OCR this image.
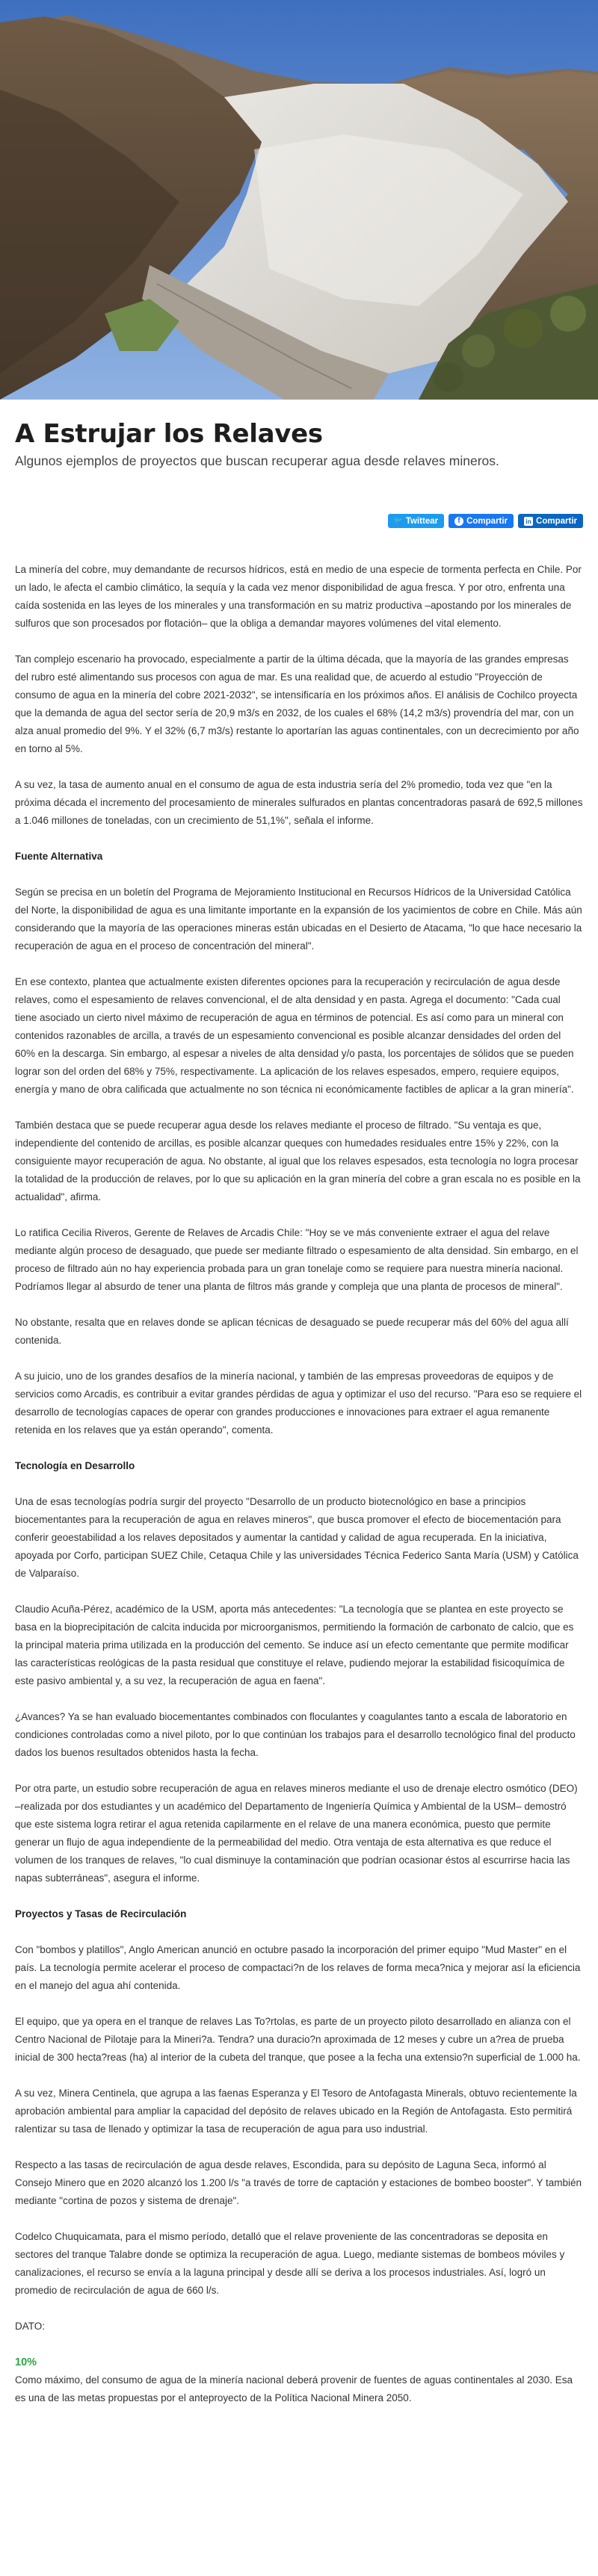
A Estrujar los Relaves
Algunos ejemplos de proyectos que buscan recuperar agua desde relaves mineros.
🐦 Twittear	f Compartir	in Compartir

La minería del cobre, muy demandante de recursos hídricos, está en medio de una especie de tormenta perfecta en Chile. Por un lado, le afecta el cambio climático, la sequía y la cada vez menor disponibilidad de agua fresca. Y por otro, enfrenta una caída sostenida en las leyes de los minerales y una transformación en su matriz productiva –apostando por los minerales de sulfuros que son procesados por flotación– que la obliga a demandar mayores volúmenes del vital elemento.

Tan complejo escenario ha provocado, especialmente a partir de la última década, que la mayoría de las grandes empresas del rubro esté alimentando sus procesos con agua de mar. Es una realidad que, de acuerdo al estudio "Proyección de consumo de agua en la minería del cobre 2021-2032", se intensificaría en los próximos años. El análisis de Cochilco proyecta que la demanda de agua del sector sería de 20,9 m3/s en 2032, de los cuales el 68% (14,2 m3/s) provendría del mar, con un alza anual promedio del 9%. Y el 32% (6,7 m3/s) restante lo aportarían las aguas continentales, con un decrecimiento por año en torno al 5%.

A su vez, la tasa de aumento anual en el consumo de agua de esta industria sería del 2% promedio, toda vez que "en la próxima década el incremento del procesamiento de minerales sulfurados en plantas concentradoras pasará de 692,5 millones a 1.046 millones de toneladas, con un crecimiento de 51,1%", señala el informe.

Fuente Alternativa

Según se precisa en un boletín del Programa de Mejoramiento Institucional en Recursos Hídricos de la Universidad Católica del Norte, la disponibilidad de agua es una limitante importante en la expansión de los yacimientos de cobre en Chile. Más aún considerando que la mayoría de las operaciones mineras están ubicadas en el Desierto de Atacama, "lo que hace necesario la recuperación de agua en el proceso de concentración del mineral".

En ese contexto, plantea que actualmente existen diferentes opciones para la recuperación y recirculación de agua desde relaves, como el espesamiento de relaves convencional, el de alta densidad y en pasta. Agrega el documento: "Cada cual tiene asociado un cierto nivel máximo de recuperación de agua en términos de potencial. Es así como para un mineral con contenidos razonables de arcilla, a través de un espesamiento convencional es posible alcanzar densidades del orden del 60% en la descarga. Sin embargo, al espesar a niveles de alta densidad y/o pasta, los porcentajes de sólidos que se pueden lograr son del orden del 68% y 75%, respectivamente. La aplicación de los relaves espesados, empero, requiere equipos, energía y mano de obra calificada que actualmente no son técnica ni económicamente factibles de aplicar a la gran minería".

También destaca que se puede recuperar agua desde los relaves mediante el proceso de filtrado. "Su ventaja es que, independiente del contenido de arcillas, es posible alcanzar queques con humedades residuales entre 15% y 22%, con la consiguiente mayor recuperación de agua. No obstante, al igual que los relaves espesados, esta tecnología no logra procesar la totalidad de la producción de relaves, por lo que su aplicación en la gran minería del cobre a gran escala no es posible en la actualidad", afirma.

Lo ratifica Cecilia Riveros, Gerente de Relaves de Arcadis Chile: "Hoy se ve más conveniente extraer el agua del relave mediante algún proceso de desaguado, que puede ser mediante filtrado o espesamiento de alta densidad. Sin embargo, en el proceso de filtrado aún no hay experiencia probada para un gran tonelaje como se requiere para nuestra minería nacional. Podríamos llegar al absurdo de tener una planta de filtros más grande y compleja que una planta de procesos de mineral".

No obstante, resalta que en relaves donde se aplican técnicas de desaguado se puede recuperar más del 60% del agua allí contenida.

A su juicio, uno de los grandes desafíos de la minería nacional, y también de las empresas proveedoras de equipos y de servicios como Arcadis, es contribuir a evitar grandes pérdidas de agua y optimizar el uso del recurso. "Para eso se requiere el desarrollo de tecnologías capaces de operar con grandes producciones e innovaciones para extraer el agua remanente retenida en los relaves que ya están operando", comenta.

Tecnología en Desarrollo

Una de esas tecnologías podría surgir del proyecto "Desarrollo de un producto biotecnológico en base a principios biocementantes para la recuperación de agua en relaves mineros", que busca promover el efecto de biocementación para conferir geoestabilidad a los relaves depositados y aumentar la cantidad y calidad de agua recuperada. En la iniciativa, apoyada por Corfo, participan SUEZ Chile, Cetaqua Chile y las universidades Técnica Federico Santa María (USM) y Católica de Valparaíso.

Claudio Acuña-Pérez, académico de la USM, aporta más antecedentes: "La tecnología que se plantea en este proyecto se basa en la bioprecipitación de calcita inducida por microorganismos, permitiendo la formación de carbonato de calcio, que es la principal materia prima utilizada en la producción del cemento. Se induce así un efecto cementante que permite modificar las características reológicas de la pasta residual que constituye el relave, pudiendo mejorar la estabilidad fisicoquímica de este pasivo ambiental y, a su vez, la recuperación de agua en faena".

¿Avances? Ya se han evaluado biocementantes combinados con floculantes y coagulantes tanto a escala de laboratorio en condiciones controladas como a nivel piloto, por lo que continúan los trabajos para el desarrollo tecnológico final del producto dados los buenos resultados obtenidos hasta la fecha.

Por otra parte, un estudio sobre recuperación de agua en relaves mineros mediante el uso de drenaje electro osmótico (DEO) –realizada por dos estudiantes y un académico del Departamento de Ingeniería Química y Ambiental de la USM– demostró que este sistema logra retirar el agua retenida capilarmente en el relave de una manera económica, puesto que permite generar un flujo de agua independiente de la permeabilidad del medio. Otra ventaja de esta alternativa es que reduce el volumen de los tranques de relaves, "lo cual disminuye la contaminación que podrían ocasionar éstos al escurrirse hacia las napas subterráneas", asegura el informe.

Proyectos y Tasas de Recirculación

Con "bombos y platillos", Anglo American anunció en octubre pasado la incorporación del primer equipo "Mud Master" en el país. La tecnología permite acelerar el proceso de compactaci?n de los relaves de forma meca?nica y mejorar así la eficiencia en el manejo del agua ahí contenida.

El equipo, que ya opera en el tranque de relaves Las To?rtolas, es parte de un proyecto piloto desarrollado en alianza con el Centro Nacional de Pilotaje para la Mineri?a. Tendra? una duracio?n aproximada de 12 meses y cubre un a?rea de prueba inicial de 300 hecta?reas (ha) al interior de la cubeta del tranque, que posee a la fecha una extensio?n superficial de 1.000 ha.

A su vez, Minera Centinela, que agrupa a las faenas Esperanza y El Tesoro de Antofagasta Minerals, obtuvo recientemente la aprobación ambiental para ampliar la capacidad del depósito de relaves ubicado en la Región de Antofagasta. Esto permitirá ralentizar su tasa de llenado y optimizar la tasa de recuperación de agua para uso industrial.

Respecto a las tasas de recirculación de agua desde relaves, Escondida, para su depósito de Laguna Seca, informó al Consejo Minero que en 2020 alcanzó los 1.200 l/s "a través de torre de captación y estaciones de bombeo booster". Y también mediante "cortina de pozos y sistema de drenaje".

Codelco Chuquicamata, para el mismo período, detalló que el relave proveniente de las concentradoras se deposita en sectores del tranque Talabre donde se optimiza la recuperación de agua. Luego, mediante sistemas de bombeos móviles y canalizaciones, el recurso se envía a la laguna principal y desde allí se deriva a los procesos industriales. Así, logró un promedio de recirculación de agua de 660 l/s.

DATO:

10%

Como máximo, del consumo de agua de la minería nacional deberá provenir de fuentes de aguas continentales al 2030. Esa es una de las metas propuestas por el anteproyecto de la Política Nacional Minera 2050.
